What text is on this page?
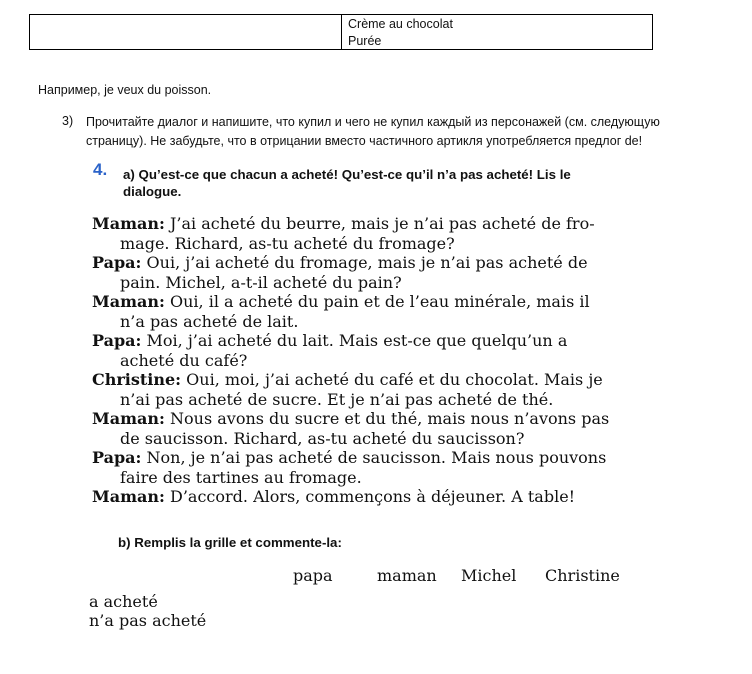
Crème au chocolat
Purée
Например, je veux du poisson.
3) Прочитайте диалог и напишите, что купил и чего не купил каждый из персонажей (см. следующую
страницу). Не забудьте, что в отрицании вместо частичного артикля употребляется предлог de!
4. a) Qu’est-ce que chacun a acheté! Qu’est-ce qu’il n’a pas acheté! Lis le
dialogue.
Maman: J’ai acheté du beurre, mais je n’ai pas acheté de fro-
mage. Richard, as-tu acheté du fromage?
Papa: Oui, j’ai acheté du fromage, mais je n’ai pas acheté de
pain. Michel, a-t-il acheté du pain?
Maman: Oui, il a acheté du pain et de l’eau minérale, mais il
n’a pas acheté de lait.
Papa: Moi, j’ai acheté du lait. Mais est-ce que quelqu’un a
acheté du café?
Christine: Oui, moi, j’ai acheté du café et du chocolat. Mais je
n’ai pas acheté de sucre. Et je n’ai pas acheté de thé.
Maman: Nous avons du sucre et du thé, mais nous n’avons pas
de saucisson. Richard, as-tu acheté du saucisson?
Papa: Non, je n’ai pas acheté de saucisson. Mais nous pouvons
faire des tartines au fromage.
Maman: D’accord. Alors, commençons à déjeuner. A table!
b) Remplis la grille et commente-la:
papa	maman Michel Christine
a acheté
n’a pas acheté
